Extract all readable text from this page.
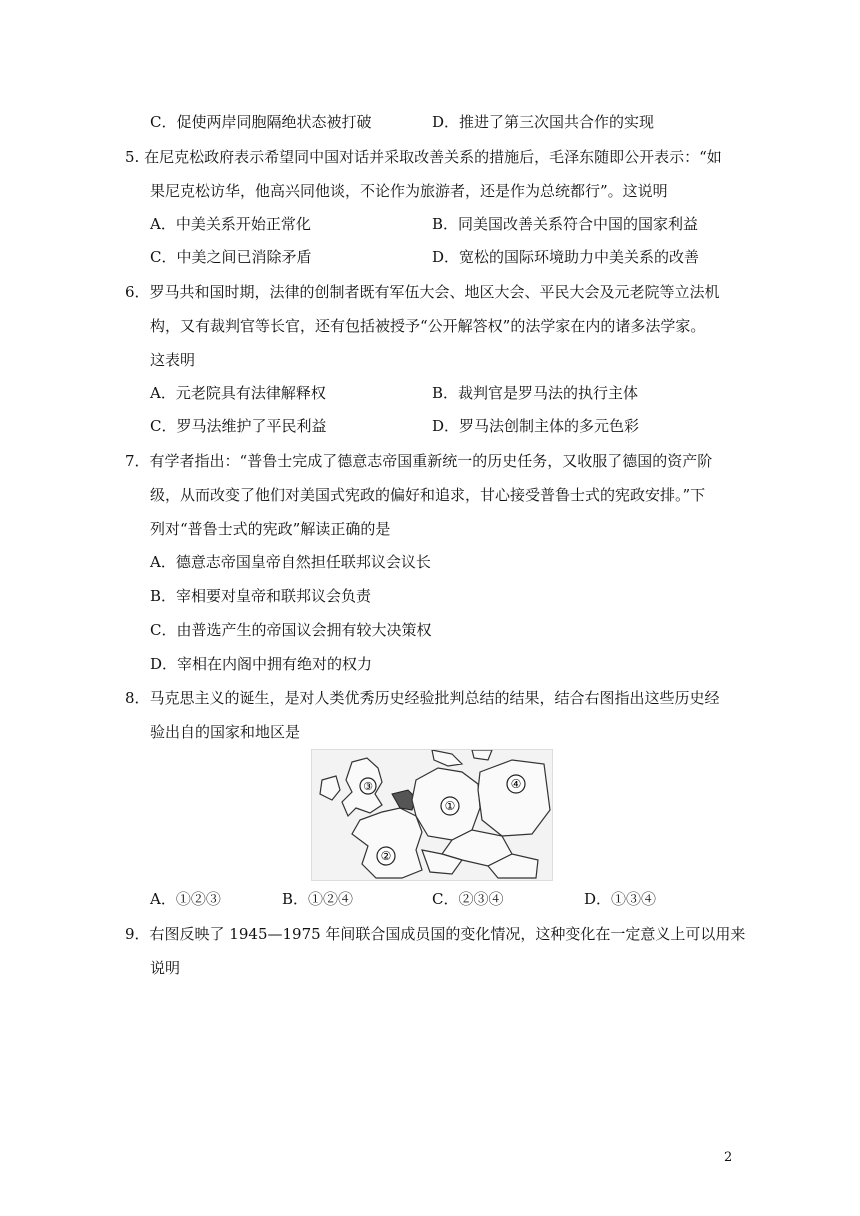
C．促使两岸同胞隔绝状态被打破	D．推进了第三次国共合作的实现
5. 在尼克松政府表示希望同中国对话并采取改善关系的措施后，毛泽东随即公开表示：“如
果尼克松访华，他高兴同他谈，不论作为旅游者，还是作为总统都行”。这说明
A．中美关系开始正常化	B．同美国改善关系符合中国的国家利益
C．中美之间已消除矛盾	D．宽松的国际环境助力中美关系的改善
6．罗马共和国时期，法律的创制者既有军伍大会、地区大会、平民大会及元老院等立法机
构，又有裁判官等长官，还有包括被授予“公开解答权”的法学家在内的诸多法学家。
这表明
A．元老院具有法律解释权	B．裁判官是罗马法的执行主体
C．罗马法维护了平民利益	D．罗马法创制主体的多元色彩
7．有学者指出：“普鲁士完成了德意志帝国重新统一的历史任务，又收服了德国的资产阶
级，从而改变了他们对美国式宪政的偏好和追求，甘心接受普鲁士式的宪政安排。”下
列对“普鲁士式的宪政”解读正确的是
A．德意志帝国皇帝自然担任联邦议会议长
B．宰相要对皇帝和联邦议会负责
C．由普选产生的帝国议会拥有较大决策权
D．宰相在内阁中拥有绝对的权力
8．马克思主义的诞生，是对人类优秀历史经验批判总结的结果，结合右图指出这些历史经
验出自的国家和地区是
③
①
④
②
A．①②③	B．①②④	C．②③④	D．①③④
9．右图反映了 1945—1975 年间联合国成员国的变化情况，这种变化在一定意义上可以用来
说明
2
